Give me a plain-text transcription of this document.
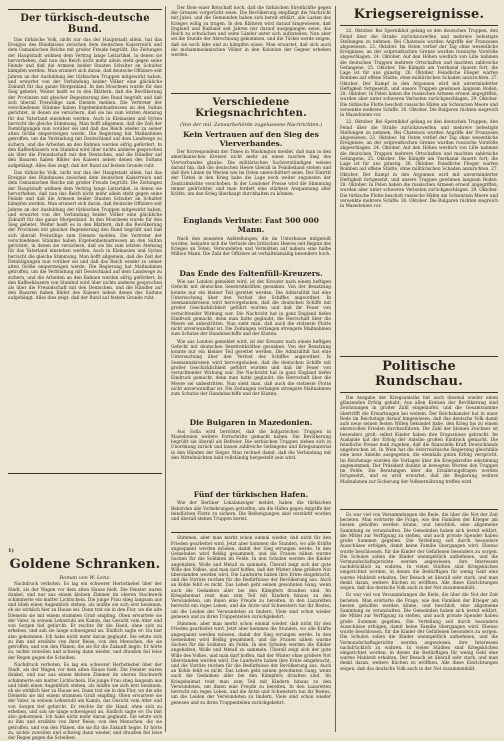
Der türkisch-deutsche Bund.

Das türkische Volk, nicht nur das der Hauptstadt allein, hat das Ereignis des Bündnisses zwischen dem deutschen Kaiserreich und dem Osmanischen Reiche mit großer Freude begrüßt. Die Zeitungen der Hauptstadt widmen dem Vertrag lange Leitartikel, in denen sie hervorheben, daß nun das Reich nicht mehr allein steht gegen seine Feinde und daß die Armeen beider Staaten Schulter an Schulter kämpfen werden. Man erinnert sich daran, daß deutsche Offiziere seit Jahren an der Ausbildung der türkischen Truppen mitgewirkt haben, und erwartet von der Verbindung beider Völker eine glückliche Zukunft für das ganze Morgenland. In den Moscheen wurde für den Sieg gebetet. Weiter heißt es in den Blättern, daß die Bevölkerung der Provinzen mit gleicher Begeisterung den Bund begrüßt und daß sich überall Freiwillige zum Dienste melden. Die Vertreter der verschiedenen Stämme haben Ergebenheitsadressen an den Sultan gerichtet, in denen sie versichern, daß sie bis zum letzten Atemzug für das Vaterland einstehen werden. Auch in Kleinasien und Syrien herrscht die gleiche Stimmung. Man hofft allgemein, daß die Zeit der Demütigungen nun vorüber sei und daß das Reich wieder zu seiner alten Größe emporsteigen werde. Die Regierung hat Maßnahmen getroffen, um die Verbindung mit Deutschland auf dem Landwege zu sichern, und die Arbeiten an den Bahnen werden eifrig gefördert. In den Kaffeehäusern von Stambul wird über nichts anderes gesprochen als über die Freundschaft mit den Deutschen, und die Händler auf den Basaren haben Bilder des Kaisers neben denen des Sultans aufgehängt. Alles dies zeigt, daß der Bund auf festem Grunde ruht.

Das türkische Volk, nicht nur das der Hauptstadt allein, hat das Ereignis des Bündnisses zwischen dem deutschen Kaiserreich und dem Osmanischen Reiche mit großer Freude begrüßt. Die Zeitungen der Hauptstadt widmen dem Vertrag lange Leitartikel, in denen sie hervorheben, daß nun das Reich nicht mehr allein steht gegen seine Feinde und daß die Armeen beider Staaten Schulter an Schulter kämpfen werden. Man erinnert sich daran, daß deutsche Offiziere seit Jahren an der Ausbildung der türkischen Truppen mitgewirkt haben, und erwartet von der Verbindung beider Völker eine glückliche Zukunft für das ganze Morgenland. In den Moscheen wurde für den Sieg gebetet. Weiter heißt es in den Blättern, daß die Bevölkerung der Provinzen mit gleicher Begeisterung den Bund begrüßt und daß sich überall Freiwillige zum Dienste melden. Die Vertreter der verschiedenen Stämme haben Ergebenheitsadressen an den Sultan gerichtet, in denen sie versichern, daß sie bis zum letzten Atemzug für das Vaterland einstehen werden. Auch in Kleinasien und Syrien herrscht die gleiche Stimmung. Man hofft allgemein, daß die Zeit der Demütigungen nun vorüber sei und daß das Reich wieder zu seiner alten Größe emporsteigen werde. Die Regierung hat Maßnahmen getroffen, um die Verbindung mit Deutschland auf dem Landwege zu sichern, und die Arbeiten an den Bahnen werden eifrig gefördert. In den Kaffeehäusern von Stambul wird über nichts anderes gesprochen als über die Freundschaft mit den Deutschen, und die Händler auf den Basaren haben Bilder des Kaisers neben denen des Sultans aufgehängt. Alles dies zeigt, daß der Bund auf festem Grunde ruht.

Goldene Schranken.
Roman von W. Lenz.

Nachdruck verboten. Es lag ein schwerer Herbstnebel über der Stadt, als der Wagen vor dem alten Hause hielt. Die Fenster waren dunkel, und nur aus einem kleinen Zimmer im oberen Stockwerk schimmerte ein matter Lichtschein. Die junge Frau stieg langsam aus und blieb einen Augenblick stehen, als müßte sie sich erst besinnen, ob sie wirklich hier zu Hause sei. Dann trat sie in den Flur, wo die alte Dienerin sie mit einem stummen Gruß empfing. Oben erwartete sie der Vater, in seinem Lehnstuhl am Kamin, das Gesicht vom Alter und von Sorgen tief gefurcht. Er reichte ihr die Hand, ohne sich zu erheben, und sah sie lange schweigend an. Endlich sagte er: Du bist also gekommen. Ich habe nicht mehr daran geglaubt. Sie setzte sich zu ihm und erzählte von ihrer Reise, von den Menschen, die sie getroffen, und von den Plänen, die sie für die Zukunft hegte. Er hörte zu, nickte zuweilen und schwieg dann wieder, und draußen fiel leise der Regen gegen die Scheiben.

Nachdruck verboten. Es lag ein schwerer Herbstnebel über der Stadt, als der Wagen vor dem alten Hause hielt. Die Fenster waren dunkel, und nur aus einem kleinen Zimmer im oberen Stockwerk schimmerte ein matter Lichtschein. Die junge Frau stieg langsam aus und blieb einen Augenblick stehen, als müßte sie sich erst besinnen, ob sie wirklich hier zu Hause sei. Dann trat sie in den Flur, wo die alte Dienerin sie mit einem stummen Gruß empfing. Oben erwartete sie der Vater, in seinem Lehnstuhl am Kamin, das Gesicht vom Alter und von Sorgen tief gefurcht. Er reichte ihr die Hand, ohne sich zu erheben, und sah sie lange schweigend an. Endlich sagte er: Du bist also gekommen. Ich habe nicht mehr daran geglaubt. Sie setzte sich zu ihm und erzählte von ihrer Reise, von den Menschen, die sie getroffen, und von den Plänen, die sie für die Zukunft hegte. Er hörte zu, nickte zuweilen und schwieg dann wieder, und draußen fiel leise der Regen gegen die Scheiben.

1)

Der Bote einer Botschaft noch, daß die türkischen Streitkräfte gegen die Grenzen vorgerückt seien. Die Bevölkerung empfängt die Nachricht mit Jubel, und die Gemeinden haben sich bereit erklärt, alle Lasten des Krieges willig zu tragen. In den Blättern wird darauf hingewiesen, daß England und Rußland seit Jahren nur darauf ausgegangen seien, das Reich zu schwächen und seine Länder unter sich aufzuteilen. Nun aber sei die Stunde der Abrechnung gekommen, und die Türkei werde zeigen, daß sie noch lebe und zu kämpfen wisse. Man erwartet, daß sich auch die mohammedanischen Völker in den Kolonien der Gegner erheben werden.

Verschiedene Kriegsnachrichten.
(Von der mil. Zensurbehörde zugelassene Nachrichten.)
Kein Vertrauen auf den Sieg des Vierverbandes.

Der Korrespondent der Times in Washington meldet, daß man in den amerikanischen Kreisen nicht mehr an einen raschen Sieg des Vierverbandes glaube. Die militärischen Sachverständigen weisen darauf hin, daß die deutschen Heere überall in Feindesland stehen und daß ihre Linien im Westen wie im Osten unerschüttert seien. Der Eintritt der Türkei in den Krieg habe die Lage noch weiter zugunsten der Zentralmächte verschoben. In der Londoner Presse wird die Stimmung immer gedrückter, und man fordert eine stärkere Anspannung aller Kräfte, um den Krieg überhaupt durchhalten zu können.

Englands Verluste: Fast 500 000 Mann.

Nach den neuesten Aufstellungen, die im Unterhause mitgeteilt wurden, belaufen sich die Verluste des britischen Heeres seit Beginn des Krieges an Toten, Verwundeten und Vermißten auf nahezu eine halbe Million Mann. Die Zahl der Offiziere ist verhältnismäßig besonders hoch.

Das Ende des Faltenfüll-Kreuzers.

Wie aus London gemeldet wird, ist der Kreuzer nach einem heftigen Gefecht mit deutschen Seestreitkräften gesunken. Von der Besatzung konnte nur ein kleiner Teil gerettet werden. Die Admiralität hat eine Untersuchung über den Verlust des Schiffes angeordnet. In Seemannskreisen wird hervorgehoben, daß die deutschen Schiffe mit großer Geschicklichkeit geführt wurden und daß ihr Feuer von vernichtender Wirkung war. Die Nachricht hat in ganz England tiefen Eindruck gemacht, denn man hatte geglaubt, die Herrschaft über die Meere sei unbestritten. Nun sieht man, daß auch die stolzeste Flotte nicht unverwundbar ist. Die Zeitungen verlangen strengere Maßnahmen zum Schutze der Handelsschiffe und der Küsten.

Wie aus London gemeldet wird, ist der Kreuzer nach einem heftigen Gefecht mit deutschen Seestreitkräften gesunken. Von der Besatzung konnte nur ein kleiner Teil gerettet werden. Die Admiralität hat eine Untersuchung über den Verlust des Schiffes angeordnet. In Seemannskreisen wird hervorgehoben, daß die deutschen Schiffe mit großer Geschicklichkeit geführt wurden und daß ihr Feuer von vernichtender Wirkung war. Die Nachricht hat in ganz England tiefen Eindruck gemacht, denn man hatte geglaubt, die Herrschaft über die Meere sei unbestritten. Nun sieht man, daß auch die stolzeste Flotte nicht unverwundbar ist. Die Zeitungen verlangen strengere Maßnahmen zum Schutze der Handelsschiffe und der Küsten.

Die Bulgaren in Mazedonien.

Aus Sofia wird berichtet, daß die bulgarischen Truppen in Mazedonien weitere Fortschritte gemacht haben. Die Bevölkerung begrüßt sie überall als Befreier. Die serbischen Truppen ziehen sich in Unordnung zurück und lassen zahlreiche Gefangene und Kriegsmaterial in den Händen der Sieger. Man rechnet damit, daß die Verbindung mit den Mittelmächten bald vollständig hergestellt sein wird.

Fünf der türkischen Hafen.

Wie der Berliner Lokalanzeiger meldet, haben die türkischen Behörden alle Vorkehrungen getroffen, um die Häfen gegen Angriffe der feindlichen Flotte zu sichern. Die Befestigungen sind verstärkt worden und überall stehen Truppen bereit.

Stimmen, aber man merkt schon einmal wieder, daß nicht für den Frieden gearbeitet wird. Jetzt aber kommen die Stunden, wo alle Kräfte angespannt werden müssen, damit der Sieg errungen werde. In den Gemeinden wird fleißig gesammelt, und die Frauen nähen warme Sachen für die Soldaten im Felde. In den Schulen werden die Kinder angehalten, Wolle und Metall zu sammeln. Überall zeigt sich der gute Wille des Volkes, und man darf hoffen, daß der Winter ohne größere Not überstanden werden wird. Die Landwirte haben ihre Ernte eingebracht, und die Vorräte reichen für die Bedürfnisse der Bevölkerung aus. Auch an Kohle fehlt es nicht. Das Leben geht seinen gewohnten Gang, wenn auch die Gedanken aller bei den Kämpfern draußen sind. Im Kriegsheimat reist man zum Teil mit Kindern hinaus zu den Verwundeten, um ihnen eine Freude zu bereiten. In den Lazaretten herrscht ein reges Leben, und die Ärzte und Schwestern tun ihr Bestes, um die Leiden der Verwundeten zu lindern. Viele sind schon wieder genesen und zu ihren Truppenteilen zurückgekehrt.

Stimmen, aber man merkt schon einmal wieder, daß nicht für den Frieden gearbeitet wird. Jetzt aber kommen die Stunden, wo alle Kräfte angespannt werden müssen, damit der Sieg errungen werde. In den Gemeinden wird fleißig gesammelt, und die Frauen nähen warme Sachen für die Soldaten im Felde. In den Schulen werden die Kinder angehalten, Wolle und Metall zu sammeln. Überall zeigt sich der gute Wille des Volkes, und man darf hoffen, daß der Winter ohne größere Not überstanden werden wird. Die Landwirte haben ihre Ernte eingebracht, und die Vorräte reichen für die Bedürfnisse der Bevölkerung aus. Auch an Kohle fehlt es nicht. Das Leben geht seinen gewohnten Gang, wenn auch die Gedanken aller bei den Kämpfern draußen sind. Im Kriegsheimat reist man zum Teil mit Kindern hinaus zu den Verwundeten, um ihnen eine Freude zu bereiten. In den Lazaretten herrscht ein reges Leben, und die Ärzte und Schwestern tun ihr Bestes, um die Leiden der Verwundeten zu lindern. Viele sind schon wieder genesen und zu ihren Truppenteilen zurückgekehrt.

Kriegsereignisse.

22. Oktober. Bei Spernikhof gelang es den deutschen Truppen, den Feind über die Straße zurückzuwerfen und mehrere befestigte Stellungen zu nehmen. Bei Chatenois wurden Angriffe der Franzosen abgewiesen. 23. Oktober. Im Osten verlief der Tag ohne wesentliche Ereignisse; an der ostpreußischen Grenze wurden russische Vorstöße abgeschlagen. 24. Oktober. Auf den Höhen westlich von Lille nahmen die deutschen Truppen mehrere Ortschaften und machten zahlreiche Gefangene. 25. Oktober. Die Kämpfe am Yserkanal dauern fort; die Lage ist für uns günstig. 26. Oktober. Feindliche Flieger warfen Bomben auf offene Städte, ohne militärischen Schaden anzurichten. 27. Oktober. Der Kampf in den Argonnen wird mit unverminderter Heftigkeit fortgesetzt, und unsere Truppen gewinnen langsam Boden. 28. Oktober. In Polen haben die russischen Armeen erneut angegriffen, wurden aber unter schweren Verlusten zurückgeschlagen. 29. Oktober. Die türkische Flotte beschoß russische Häfen am Schwarzen Meere und versenkte mehrere Schiffe. 30. Oktober. Die Bulgaren rückten siegreich in Mazedonien vor.

22. Oktober. Bei Spernikhof gelang es den deutschen Truppen, den Feind über die Straße zurückzuwerfen und mehrere befestigte Stellungen zu nehmen. Bei Chatenois wurden Angriffe der Franzosen abgewiesen. 23. Oktober. Im Osten verlief der Tag ohne wesentliche Ereignisse; an der ostpreußischen Grenze wurden russische Vorstöße abgeschlagen. 24. Oktober. Auf den Höhen westlich von Lille nahmen die deutschen Truppen mehrere Ortschaften und machten zahlreiche Gefangene. 25. Oktober. Die Kämpfe am Yserkanal dauern fort; die Lage ist für uns günstig. 26. Oktober. Feindliche Flieger warfen Bomben auf offene Städte, ohne militärischen Schaden anzurichten. 27. Oktober. Der Kampf in den Argonnen wird mit unverminderter Heftigkeit fortgesetzt, und unsere Truppen gewinnen langsam Boden. 28. Oktober. In Polen haben die russischen Armeen erneut angegriffen, wurden aber unter schweren Verlusten zurückgeschlagen. 29. Oktober. Die türkische Flotte beschoß russische Häfen am Schwarzen Meere und versenkte mehrere Schiffe. 30. Oktober. Die Bulgaren rückten siegreich in Mazedonien vor.

Politische Rundschau.

Die Ausgabe der Kriegsanleihe hat auch diesmal wieder einen glänzenden Erfolg gehabt. Aus allen Kreisen der Bevölkerung sind Zeichnungen in großer Zahl eingelaufen, und die Gesamtsumme übertrifft die Erwartungen bei weitem. Der Reichskanzler hat in einer Rede im Reichstage darauf hingewiesen, daß das deutsche Volk damit aufs neue seinen festen Willen bekundet habe, den Krieg bis zu einem ehrenvollen Frieden durchzuführen. Die Zahl der kleinen Zeichner ist besonders groß; selbst Kinder haben ihre Ersparnisse gebracht. Im Auslande hat der Erfolg der Anleihe großen Eindruck gemacht. Die feindliche Presse muß zugeben, daß die finanzielle Kraft Deutschlands ungebrochen ist. In Wien hat die österreichische Regierung gleichfalls eine neue Anleihe ausgegeben, die ebenfalls guten Erfolg verspricht. Im Reichstage wurden die Vorlagen über die Kriegskredite einstimmig angenommen. Der Präsident dankte in bewegten Worten den Truppen im Felde. Die Beratungen über die Ernährungsfragen werden fortgesetzt, und es wird erwartet, daß die Regierung weitere Maßnahmen zur Sicherung der Volksernährung treffen wird.

Es war viel von Versammlungen die Rede, die über die Not der Zeit berieten. Man erörterte die Frage, wie den Familien der Krieger am besten geholfen werden könne, und beschloß, eine allgemeine Sammlung zu veranstalten. Die Gemeinden haben sich bereit erklärt, die Mittel zur Verfügung zu stellen, und auch private Spender haben große Summen gegeben. Die Verteilung soll durch besondere Ausschüsse erfolgen, damit keine Familie übergangen wird. Ebenso wurde beschlossen, für die Kinder der Gefallenen besonders zu sorgen. Die Schulen sollen die Kinder unentgeltlich aufnehmen, und die Vormundschaftsgerichte werden angewiesen, ihre Interessen nachdrücklich zu wahren. In vielen Städten sind Kriegsküchen eingerichtet worden, in denen die Bedürftigen für wenig Geld eine warme Mahlzeit erhalten. Der Besuch ist überall sehr stark, und man denkt daran, weitere Küchen zu eröffnen. Alle diese Einrichtungen zeigen, daß das deutsche Volk auch in der Not zusammenhält.

Es war viel von Versammlungen die Rede, die über die Not der Zeit berieten. Man erörterte die Frage, wie den Familien der Krieger am besten geholfen werden könne, und beschloß, eine allgemeine Sammlung zu veranstalten. Die Gemeinden haben sich bereit erklärt, die Mittel zur Verfügung zu stellen, und auch private Spender haben große Summen gegeben. Die Verteilung soll durch besondere Ausschüsse erfolgen, damit keine Familie übergangen wird. Ebenso wurde beschlossen, für die Kinder der Gefallenen besonders zu sorgen. Die Schulen sollen die Kinder unentgeltlich aufnehmen, und die Vormundschaftsgerichte werden angewiesen, ihre Interessen nachdrücklich zu wahren. In vielen Städten sind Kriegsküchen eingerichtet worden, in denen die Bedürftigen für wenig Geld eine warme Mahlzeit erhalten. Der Besuch ist überall sehr stark, und man denkt daran, weitere Küchen zu eröffnen. Alle diese Einrichtungen zeigen, daß das deutsche Volk auch in der Not zusammenhält.
